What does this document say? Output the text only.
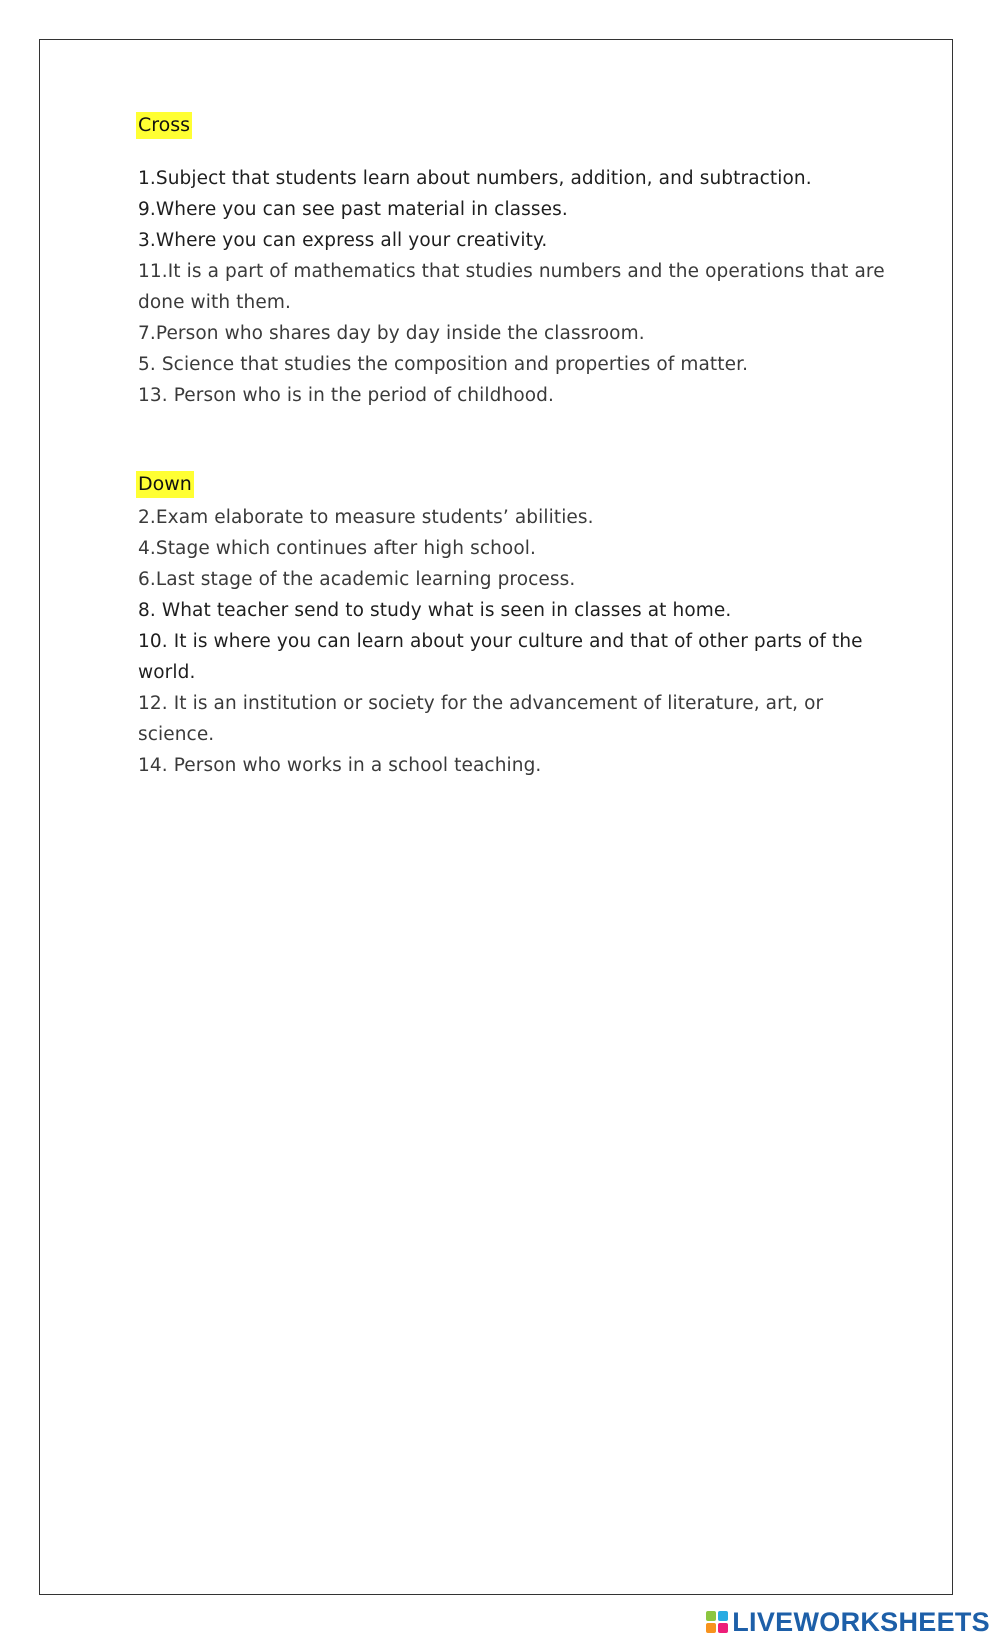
Cross
1.Subject that students learn about numbers, addition, and subtraction.
9.Where you can see past material in classes.
3.Where you can express all your creativity.
11.It is a part of mathematics that studies numbers and the operations that are done with them.
7.Person who shares day by day inside the classroom.
5. Science that studies the composition and properties of matter.
13. Person who is in the period of childhood.
Down
2.Exam elaborate to measure students’ abilities.
4.Stage which continues after high school.
6.Last stage of the academic learning process.
8. What teacher send to study what is seen in classes at home.
10. It is where you can learn about your culture and that of other parts of the world.
12. It is an institution or society for the advancement of literature, art, or science.
14. Person who works in a school teaching.
LIVEWORKSHEETS
